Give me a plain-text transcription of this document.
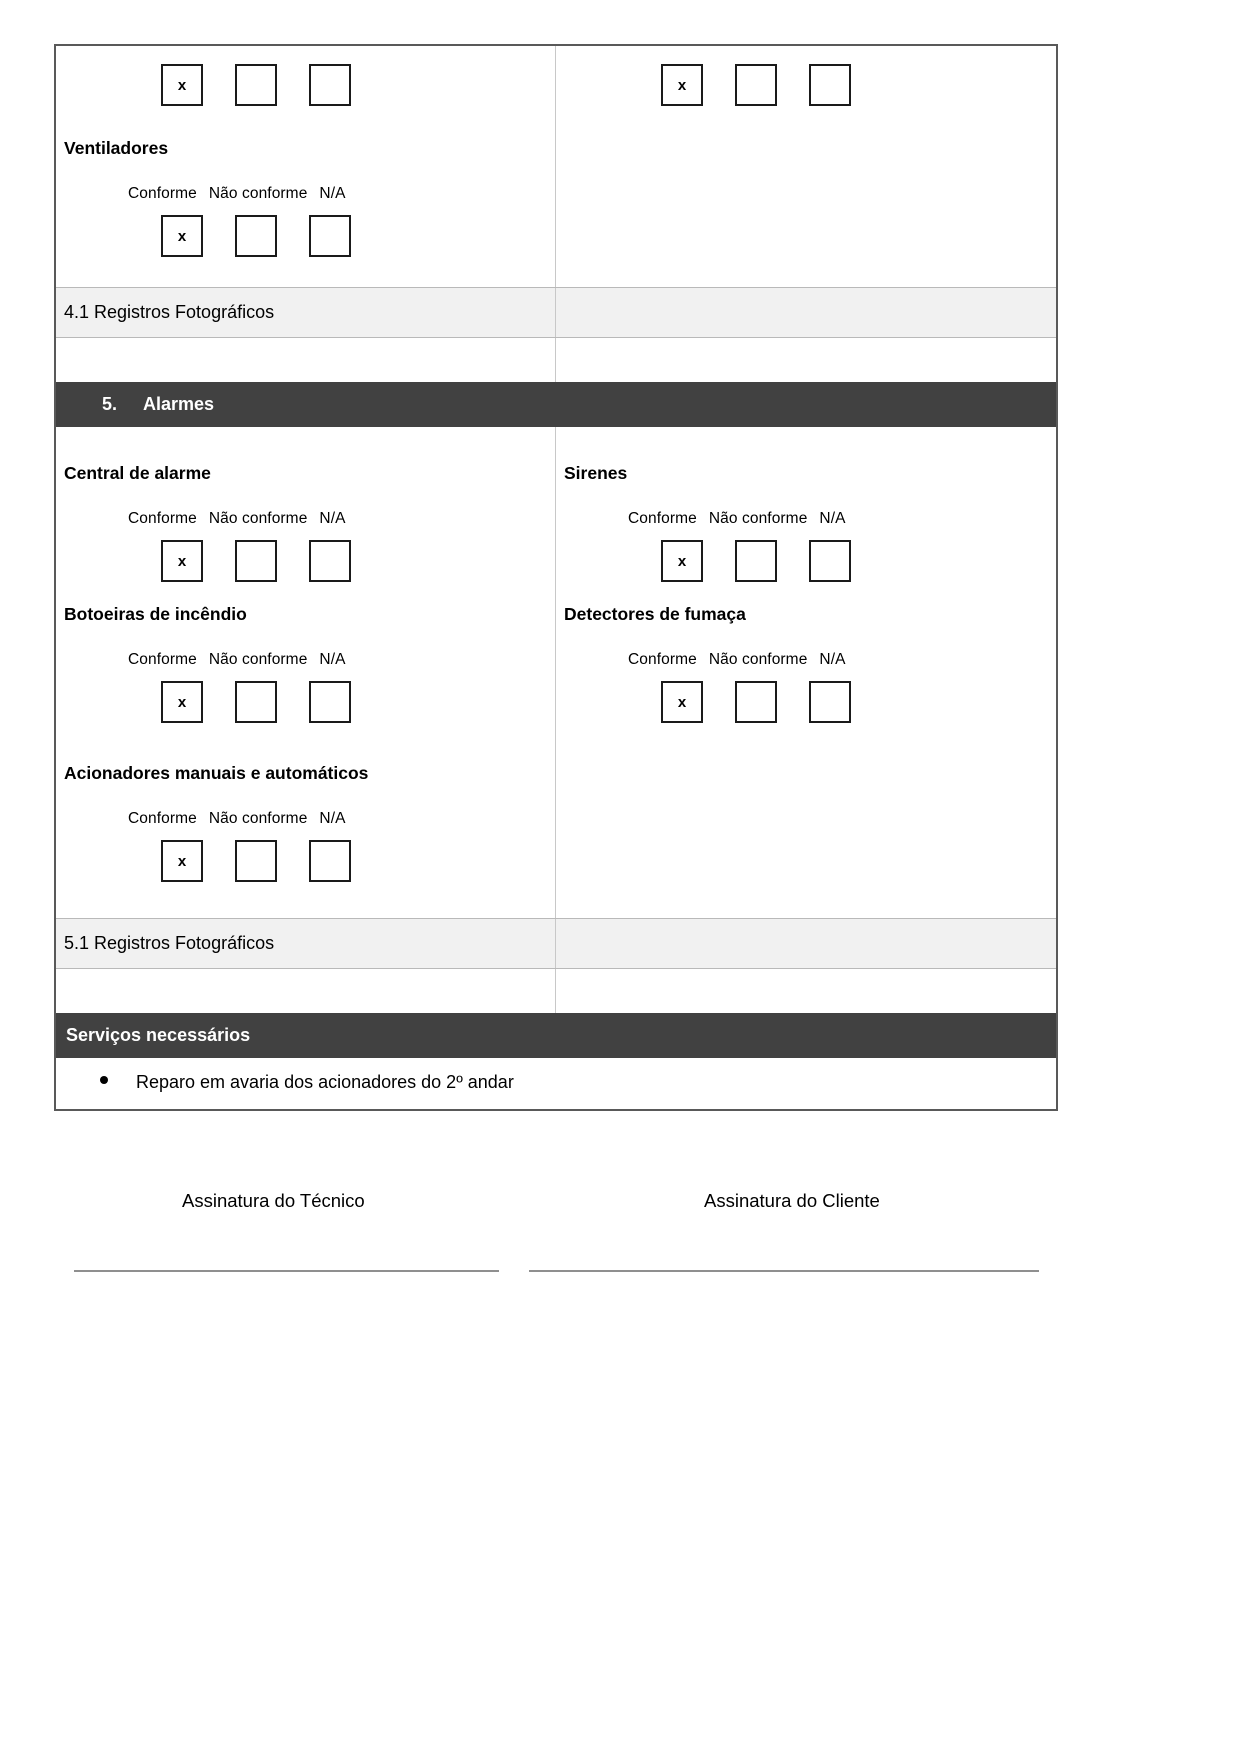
x
Ventiladores
Conforme Não conforme N/A
x
x
4.1 Registros Fotográficos
5. Alarmes
Central de alarme
Conforme Não conforme N/A
x
Botoeiras de incêndio
Conforme Não conforme N/A
x
Acionadores manuais e automáticos
Conforme Não conforme N/A
x
Sirenes
Conforme Não conforme N/A
x
Detectores de fumaça
Conforme Não conforme N/A
x
5.1 Registros Fotográficos
Serviços necessários
Reparo em avaria dos acionadores do 2º andar
Assinatura do Técnico	Assinatura do Cliente
